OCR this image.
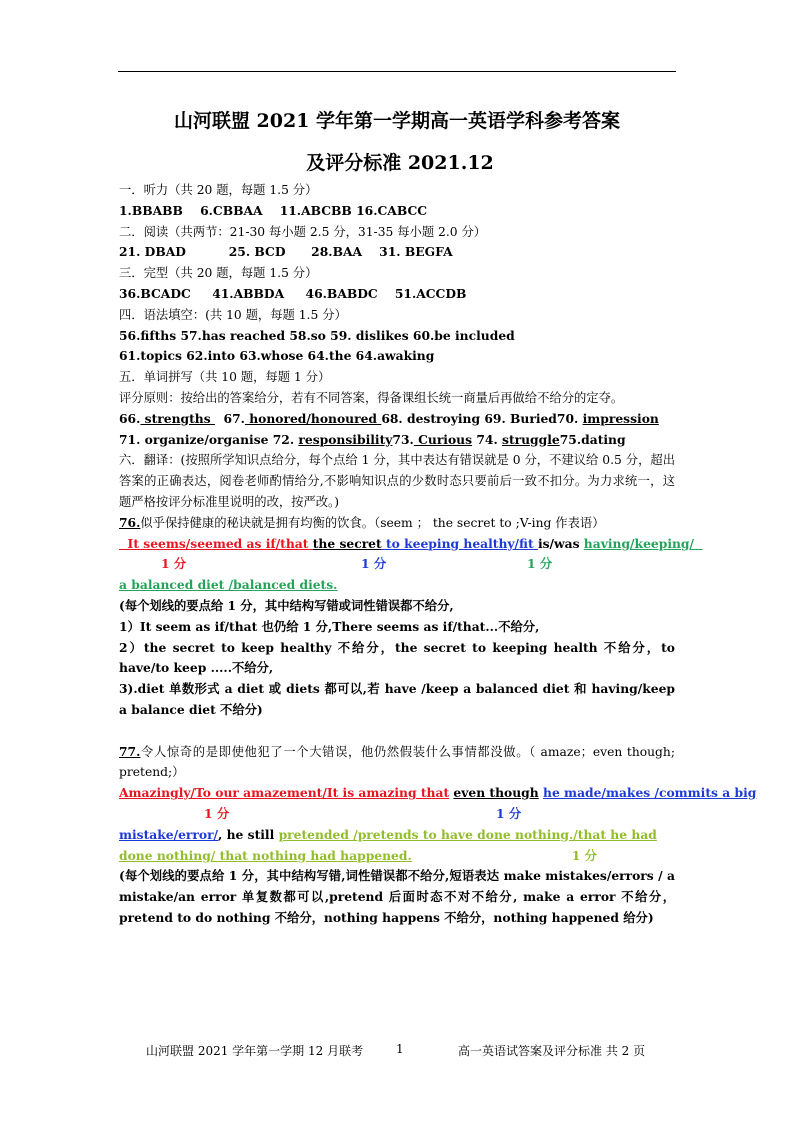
山河联盟 2021 学年第一学期高一英语学科参考答案
及评分标准 2021.12

一．听力（共 20 题，每题 1.5 分）

1.BBABB    6.CBBAA    11.ABCBB 16.CABCC

二．阅读（共两节：21-30 每小题 2.5 分，31-35 每小题 2.0 分）

21. DBAD          25. BCD      28.BAA    31. BEGFA

三．完型（共 20 题，每题 1.5 分）

36.BCADC     41.ABBDA     46.BABDC    51.ACCDB

四．语法填空：(共 10 题，每题 1.5 分）

56.fifths 57.has reached 58.so 59. dislikes 60.be included

61.topics 62.into 63.whose 64.the 64.awaking

五．单词拼写（共 10 题，每题 1 分）

评分原则：按给出的答案给分，若有不同答案，得备课组长统一商量后再做给不给分的定夺。

66. strengths   67. honored/honoured 68. destroying 69. Buried70. impression

71. organize/organise 72. responsibility73. Curious 74. struggle75.dating

六．翻译：(按照所学知识点给分，每个点给 1 分，其中表达有错误就是 0 分，不建议给 0.5 分，超出答案的正确表达，阅卷老师酌情给分,不影响知识点的少数时态只要前后一致不扣分。为力求统一，这题严格按评分标准里说明的改，按严改。)

76.似乎保持健康的秘诀就是拥有均衡的饮食。（seem ； the secret to ;V-ing 作表语）

It seems/seemed as if/that the secret to keeping healthy/fit is/was having/keeping/

1 分	1 分	1 分

a balanced diet /balanced diets.

(每个划线的要点给 1 分，其中结构写错或词性错误都不给分,

1）It seem as if/that 也仍给 1 分,There seems as if/that...不给分,

2）the secret to keep healthy 不给分，the secret to keeping health 不给分，to have/to keep .....不给分,

3).diet 单数形式 a diet 或 diets 都可以,若 have /keep a balanced diet 和 having/keep a balance diet 不给分)

77.令人惊奇的是即使他犯了一个大错误，他仍然假装什么事情都没做。（ amaze；even though; pretend;）

Amazingly/To our amazement/It is amazing that even though he made/makes /commits a big

1 分	1 分

mistake/error/, he still pretended /pretends to have done nothing./that he had done nothing/ that nothing had happened.	1 分

(每个划线的要点给 1 分，其中结构写错,词性错误都不给分,短语表达 make mistakes/errors / a mistake/an error 单复数都可以,pretend 后面时态不对不给分, make a error 不给分，pretend to do nothing 不给分，nothing happens 不给分，nothing happened 给分)

山河联盟 2021 学年第一学期 12 月联考	1	高一英语试答案及评分标准 共 2 页
